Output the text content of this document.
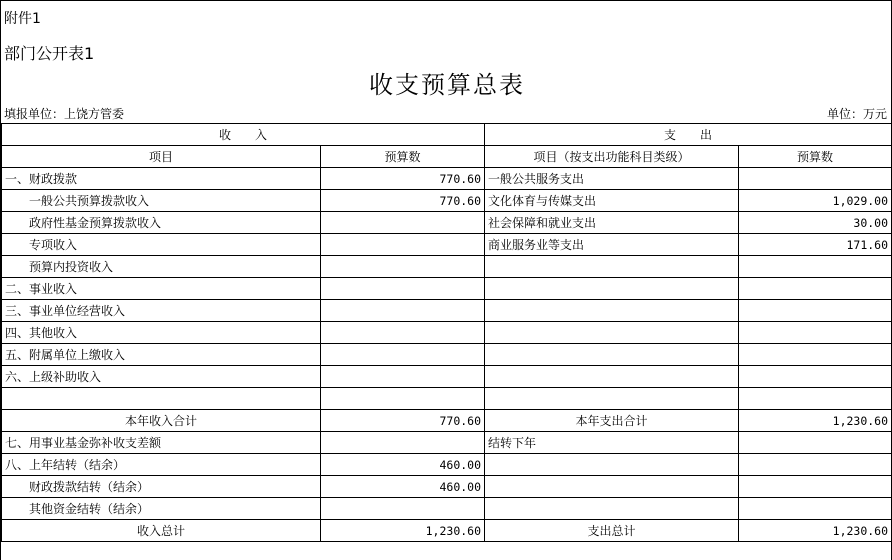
附件1
部门公开表1
收支预算总表
填报单位：上饶方管委	单位：万元
收　　入		支　　出	
项目	预算数	项目（按支出功能科目类级）	预算数
一、财政拨款	770.60	一般公共服务支出	
一般公共预算拨款收入	770.60	文化体育与传媒支出	1,029.00
政府性基金预算拨款收入		社会保障和就业支出	30.00
专项收入		商业服务业等支出	171.60
预算内投资收入			
二、事业收入			
三、事业单位经营收入			
四、其他收入			
五、附属单位上缴收入			
六、上级补助收入			

本年收入合计	770.60	本年支出合计	1,230.60
七、用事业基金弥补收支差额		结转下年	
八、上年结转（结余）	460.00		
财政拨款结转（结余）	460.00		
其他资金结转（结余）			
收入总计	1,230.60	支出总计	1,230.60
